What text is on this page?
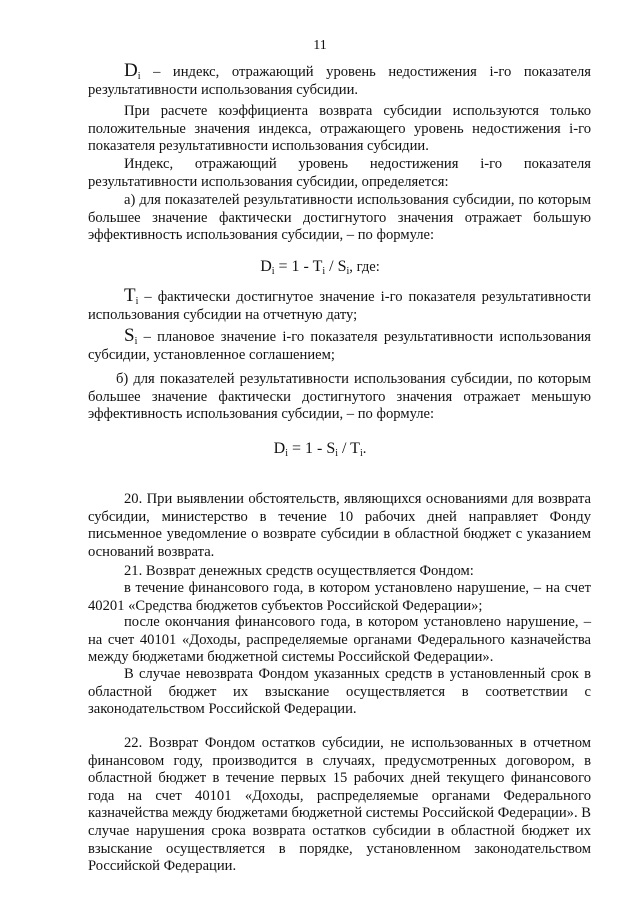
11

$D_i$ – индекс, отражающий уровень недостижения i-го показателя результативности использования субсидии.

При расчете коэффициента возврата субсидии используются только положительные значения индекса, отражающего уровень недостижения i-го показателя результативности использования субсидии.

Индекс, отражающий уровень недостижения i-го показателя результативности использования субсидии, определяется:

а) для показателей результативности использования субсидии, по которым большее значение фактически достигнутого значения отражает большую эффективность использования субсидии, – по формуле:

$D_i = 1 - T_i / S_i$, где:

$T_i$ – фактически достигнутое значение i-го показателя результативности использования субсидии на отчетную дату;

$S_i$ – плановое значение i-го показателя результативности использования субсидии, установленное соглашением;

б) для показателей результативности использования субсидии, по которым большее значение фактически достигнутого значения отражает меньшую эффективность использования субсидии, – по формуле:

$D_i = 1 - S_i / T_i$.

20. При выявлении обстоятельств, являющихся основаниями для возврата субсидии, министерство в течение 10 рабочих дней направляет Фонду письменное уведомление о возврате субсидии в областной бюджет с указанием оснований возврата.

21. Возврат денежных средств осуществляется Фондом:

в течение финансового года, в котором установлено нарушение, – на счет 40201 «Средства бюджетов субъектов Российской Федерации»;

после окончания финансового года, в котором установлено нарушение, – на счет 40101 «Доходы, распределяемые органами Федерального казначейства между бюджетами бюджетной системы Российской Федерации».

В случае невозврата Фондом указанных средств в установленный срок в областной бюджет их взыскание осуществляется в соответствии с законодательством Российской Федерации.

22. Возврат Фондом остатков субсидии, не использованных в отчетном финансовом году, производится в случаях, предусмотренных договором, в областной бюджет в течение первых 15 рабочих дней текущего финансового года на счет 40101 «Доходы, распределяемые органами Федерального казначейства между бюджетами бюджетной системы Российской Федерации». В случае нарушения срока возврата остатков субсидии в областной бюджет их взыскание осуществляется в порядке, установленном законодательством Российской Федерации.
